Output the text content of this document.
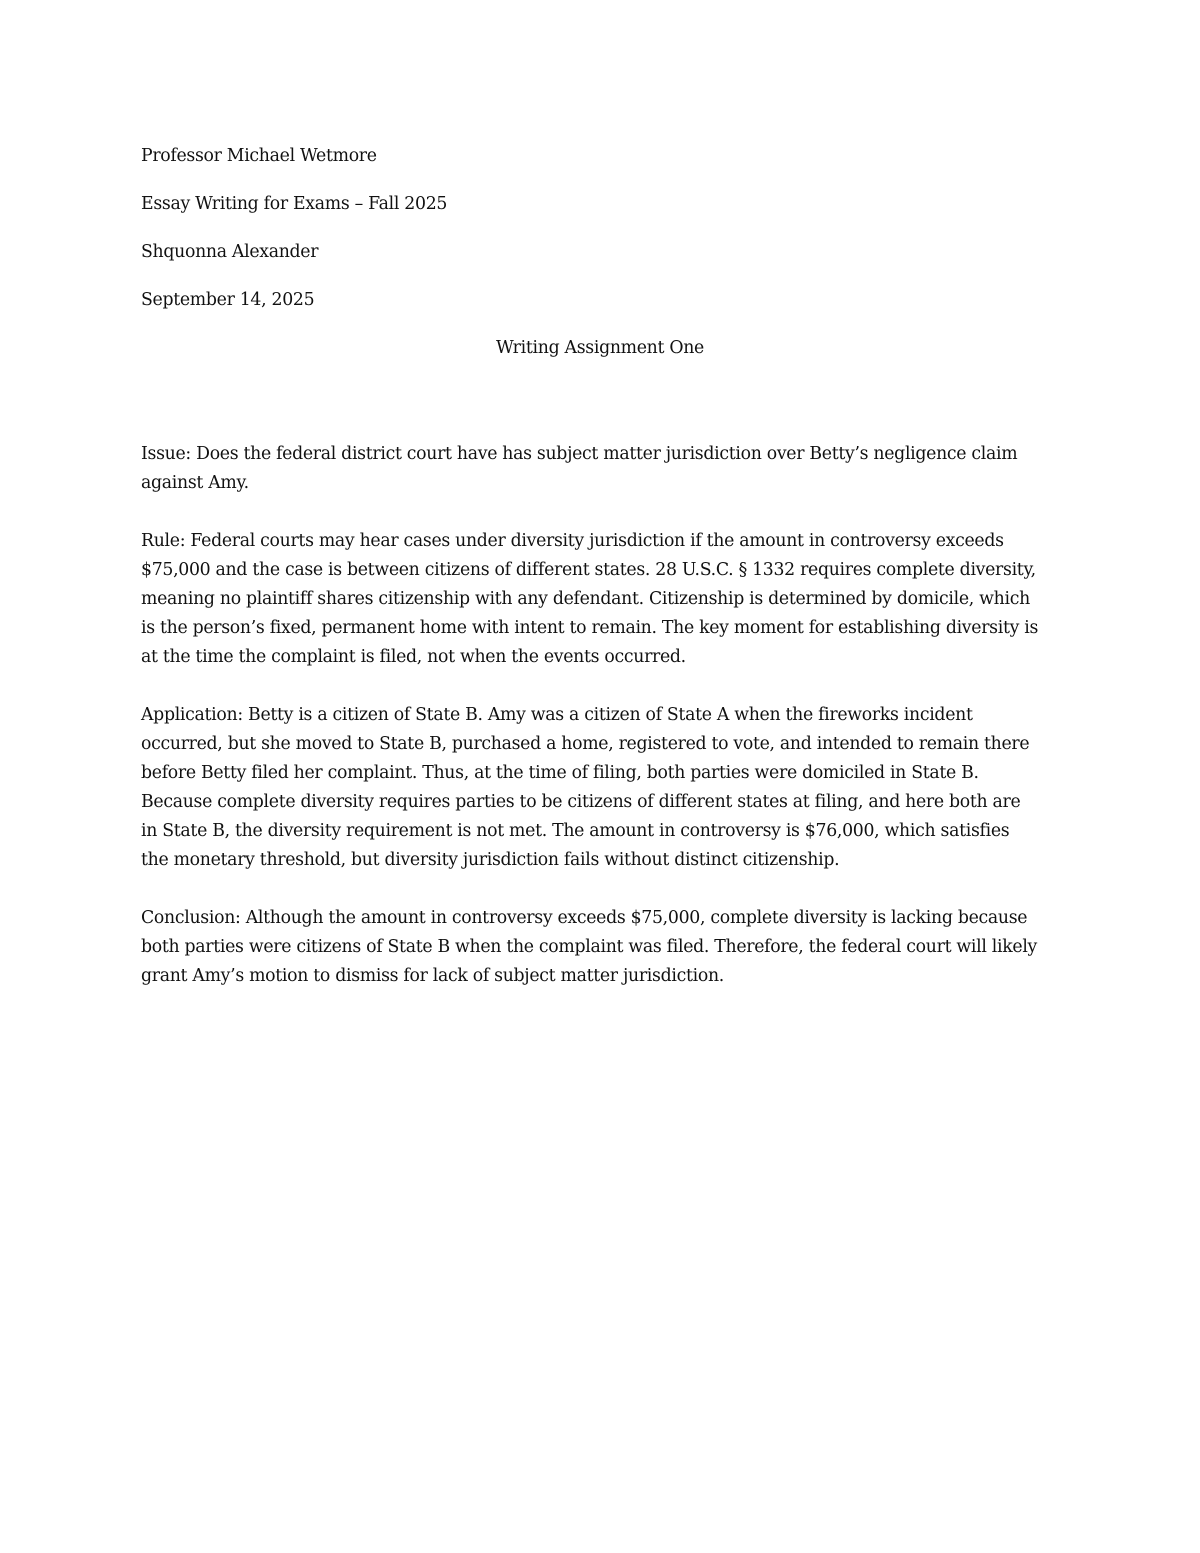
Professor Michael Wetmore

Essay Writing for Exams – Fall 2025

Shquonna Alexander

September 14, 2025

Writing Assignment One

Issue: Does the federal district court have has subject matter jurisdiction over Betty’s negligence claim against Amy.

Rule: Federal courts may hear cases under diversity jurisdiction if the amount in controversy exceeds $75,000 and the case is between citizens of different states. 28 U.S.C. § 1332 requires complete diversity, meaning no plaintiff shares citizenship with any defendant. Citizenship is determined by domicile, which is the person’s fixed, permanent home with intent to remain. The key moment for establishing diversity is at the time the complaint is filed, not when the events occurred.

Application: Betty is a citizen of State B. Amy was a citizen of State A when the fireworks incident occurred, but she moved to State B, purchased a home, registered to vote, and intended to remain there before Betty filed her complaint. Thus, at the time of filing, both parties were domiciled in State B. Because complete diversity requires parties to be citizens of different states at filing, and here both are in State B, the diversity requirement is not met. The amount in controversy is $76,000, which satisfies the monetary threshold, but diversity jurisdiction fails without distinct citizenship.

Conclusion: Although the amount in controversy exceeds $75,000, complete diversity is lacking because both parties were citizens of State B when the complaint was filed. Therefore, the federal court will likely grant Amy’s motion to dismiss for lack of subject matter jurisdiction.
